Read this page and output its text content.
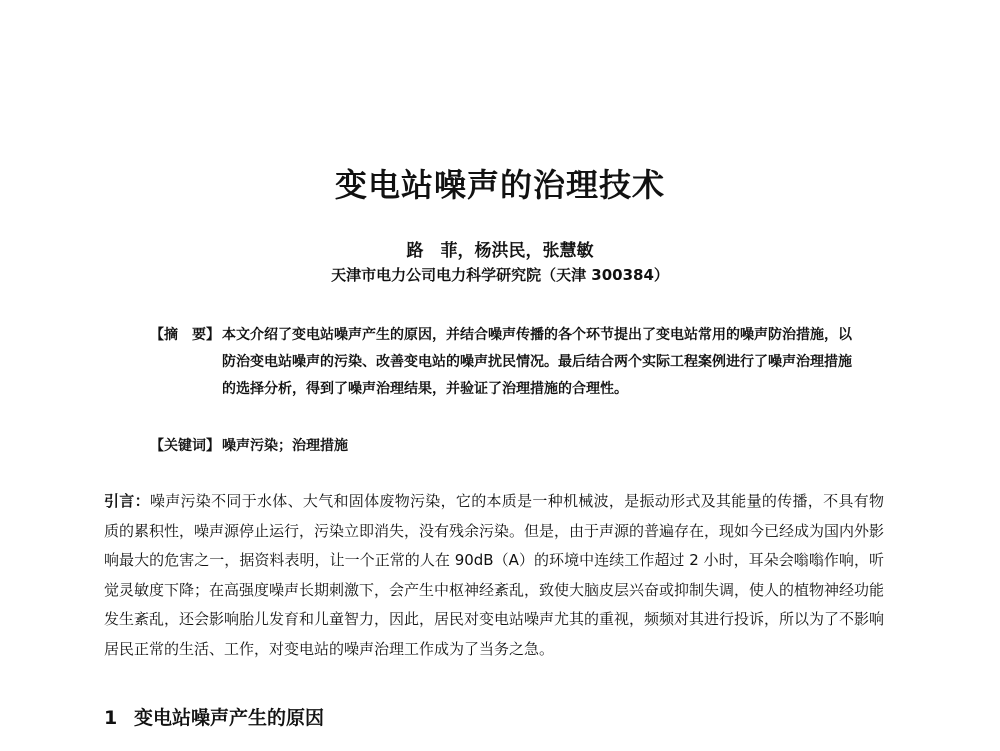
变电站噪声的治理技术
路　菲，杨洪民，张慧敏
天津市电力公司电力科学研究院（天津 300384）
【摘　要】 本文介绍了变电站噪声产生的原因，并结合噪声传播的各个环节提出了变电站常用的噪声防治措施，以防治变电站噪声的污染、改善变电站的噪声扰民情况。最后结合两个实际工程案例进行了噪声治理措施的选择分析，得到了噪声治理结果，并验证了治理措施的合理性。
【关键词】 噪声污染；治理措施
引言：噪声污染不同于水体、大气和固体废物污染，它的本质是一种机械波，是振动形式及其能量的传播，不具有物质的累积性，噪声源停止运行，污染立即消失，没有残余污染。但是，由于声源的普遍存在，现如今已经成为国内外影响最大的危害之一，据资料表明，让一个正常的人在 90dB（A）的环境中连续工作超过 2 小时，耳朵会嗡嗡作响，听觉灵敏度下降；在高强度噪声长期刺激下，会产生中枢神经紊乱，致使大脑皮层兴奋或抑制失调，使人的植物神经功能发生紊乱，还会影响胎儿发育和儿童智力，因此，居民对变电站噪声尤其的重视，频频对其进行投诉，所以为了不影响居民正常的生活、工作，对变电站的噪声治理工作成为了当务之急。
1 变电站噪声产生的原因
